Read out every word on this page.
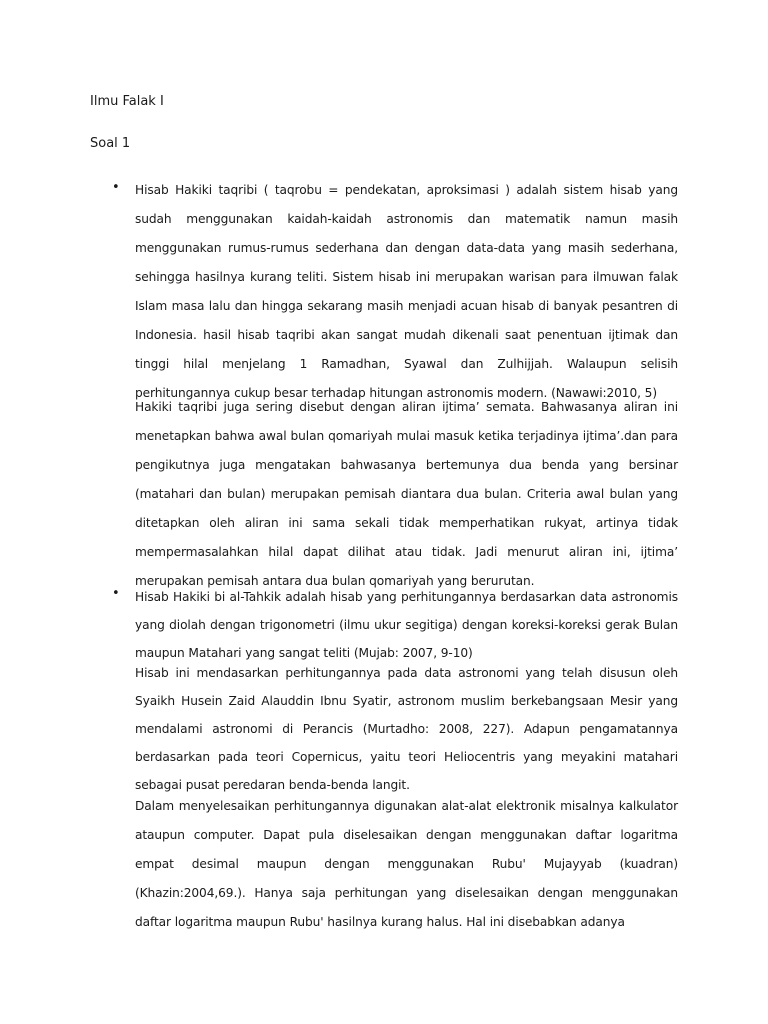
Ilmu Falak I

Soal 1

• Hisab Hakiki taqribi ( taqrobu = pendekatan, aproksimasi ) adalah sistem hisab yang sudah menggunakan kaidah-kaidah astronomis dan matematik namun masih menggunakan rumus-rumus sederhana dan dengan data-data yang masih sederhana, sehingga hasilnya kurang teliti. Sistem hisab ini merupakan warisan para ilmuwan falak Islam masa lalu dan hingga sekarang masih menjadi acuan hisab di banyak pesantren di Indonesia. hasil hisab taqribi akan sangat mudah dikenali saat penentuan ijtimak dan tinggi hilal menjelang 1 Ramadhan, Syawal dan Zulhijjah. Walaupun selisih perhitungannya cukup besar terhadap hitungan astronomis modern. (Nawawi:2010, 5)

Hakiki taqribi juga sering disebut dengan aliran ijtima’ semata. Bahwasanya aliran ini menetapkan bahwa awal bulan qomariyah mulai masuk ketika terjadinya ijtima’.dan para pengikutnya juga mengatakan bahwasanya bertemunya dua benda yang bersinar (matahari dan bulan) merupakan pemisah diantara dua bulan. Criteria awal bulan yang ditetapkan oleh aliran ini sama sekali tidak memperhatikan rukyat, artinya tidak mempermasalahkan hilal dapat dilihat atau tidak. Jadi menurut aliran ini, ijtima’ merupakan pemisah antara dua bulan qomariyah yang berurutan.

• Hisab Hakiki bi al-Tahkik adalah hisab yang perhitungannya berdasarkan data astronomis yang diolah dengan trigonometri (ilmu ukur segitiga) dengan koreksi-koreksi gerak Bulan maupun Matahari yang sangat teliti (Mujab: 2007, 9-10)

Hisab ini mendasarkan perhitungannya pada data astronomi yang telah disusun oleh Syaikh Husein Zaid Alauddin Ibnu Syatir, astronom muslim berkebangsaan Mesir yang mendalami astronomi di Perancis (Murtadho: 2008, 227). Adapun pengamatannya berdasarkan pada teori Copernicus, yaitu teori Heliocentris yang meyakini matahari sebagai pusat peredaran benda-benda langit.

Dalam menyelesaikan perhitungannya digunakan alat-alat elektronik misalnya kalkulator ataupun computer. Dapat pula diselesaikan dengan menggunakan daftar logaritma empat desimal maupun dengan menggunakan Rubu' Mujayyab (kuadran) (Khazin:2004,69.). Hanya saja perhitungan yang diselesaikan dengan menggunakan daftar logaritma maupun Rubu' hasilnya kurang halus. Hal ini disebabkan adanya
